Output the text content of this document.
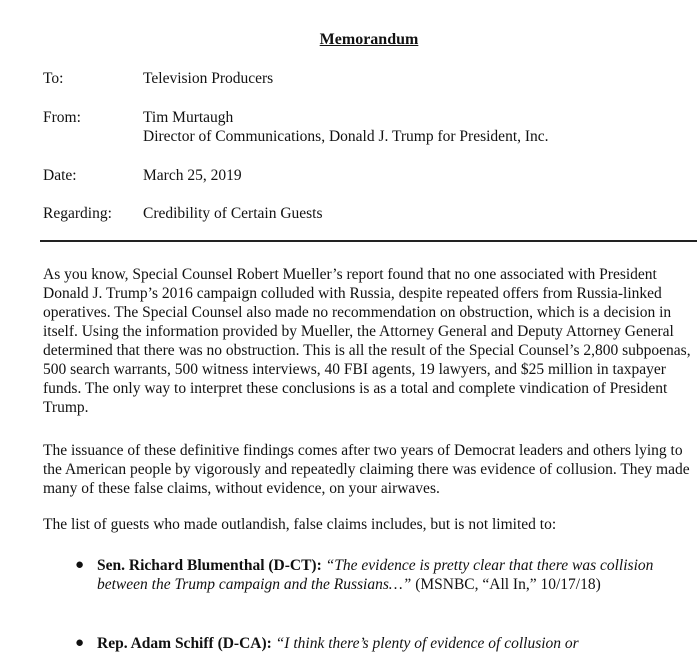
Memorandum
To:	Television Producers
From:	Tim Murtaugh
Director of Communications, Donald J. Trump for President, Inc.
Date:	March 25, 2019
Regarding: Credibility of Certain Guests

As you know, Special Counsel Robert Mueller’s report found that no one associated with President Donald J. Trump’s 2016 campaign colluded with Russia, despite repeated offers from Russia-linked operatives. The Special Counsel also made no recommendation on obstruction, which is a decision in itself. Using the information provided by Mueller, the Attorney General and Deputy Attorney General determined that there was no obstruction. This is all the result of the Special Counsel’s 2,800 subpoenas, 500 search warrants, 500 witness interviews, 40 FBI agents, 19 lawyers, and $25 million in taxpayer funds. The only way to interpret these conclusions is as a total and complete vindication of President Trump.

The issuance of these definitive findings comes after two years of Democrat leaders and others lying to the American people by vigorously and repeatedly claiming there was evidence of collusion. They made many of these false claims, without evidence, on your airwaves.

The list of guests who made outlandish, false claims includes, but is not limited to:

● Sen. Richard Blumenthal (D-CT): “The evidence is pretty clear that there was collision between the Trump campaign and the Russians…” (MSNBC, “All In,” 10/17/18)
● Rep. Adam Schiff (D-CA): “I think there’s plenty of evidence of collusion or
